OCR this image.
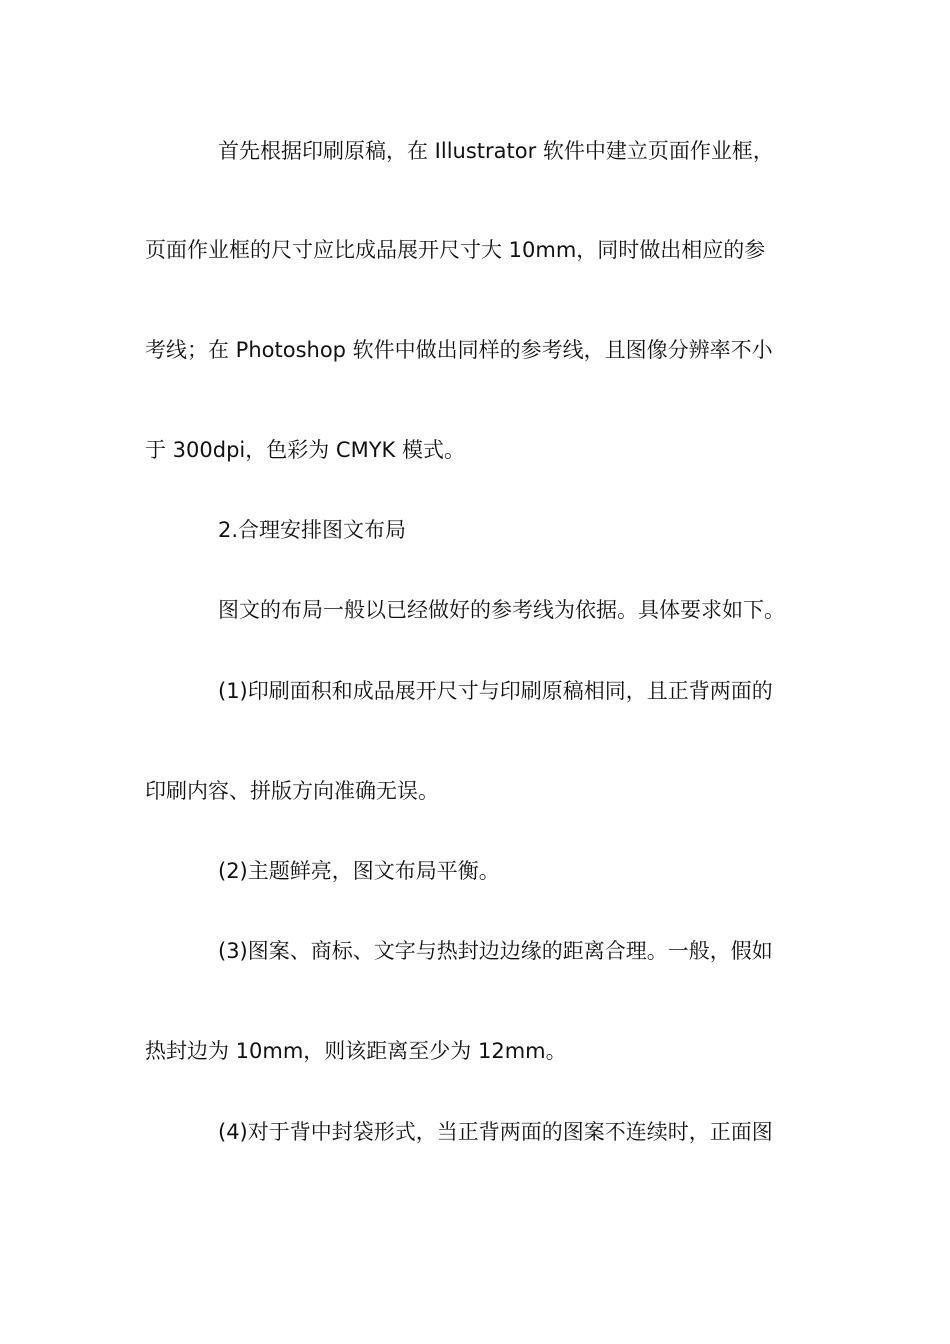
首先根据印刷原稿，在 Illustrator 软件中建立页面作业框，
页面作业框的尺寸应比成品展开尺寸大 10mm，同时做出相应的参
考线；在 Photoshop 软件中做出同样的参考线，且图像分辨率不小
于 300dpi，色彩为 CMYK 模式。
2.合理安排图文布局
图文的布局一般以已经做好的参考线为依据。具体要求如下。
(1)印刷面积和成品展开尺寸与印刷原稿相同，且正背两面的
印刷内容、拼版方向准确无误。
(2)主题鲜亮，图文布局平衡。
(3)图案、商标、文字与热封边边缘的距离合理。一般，假如
热封边为 10mm，则该距离至少为 12mm。
(4)对于背中封袋形式，当正背两面的图案不连续时，正面图
